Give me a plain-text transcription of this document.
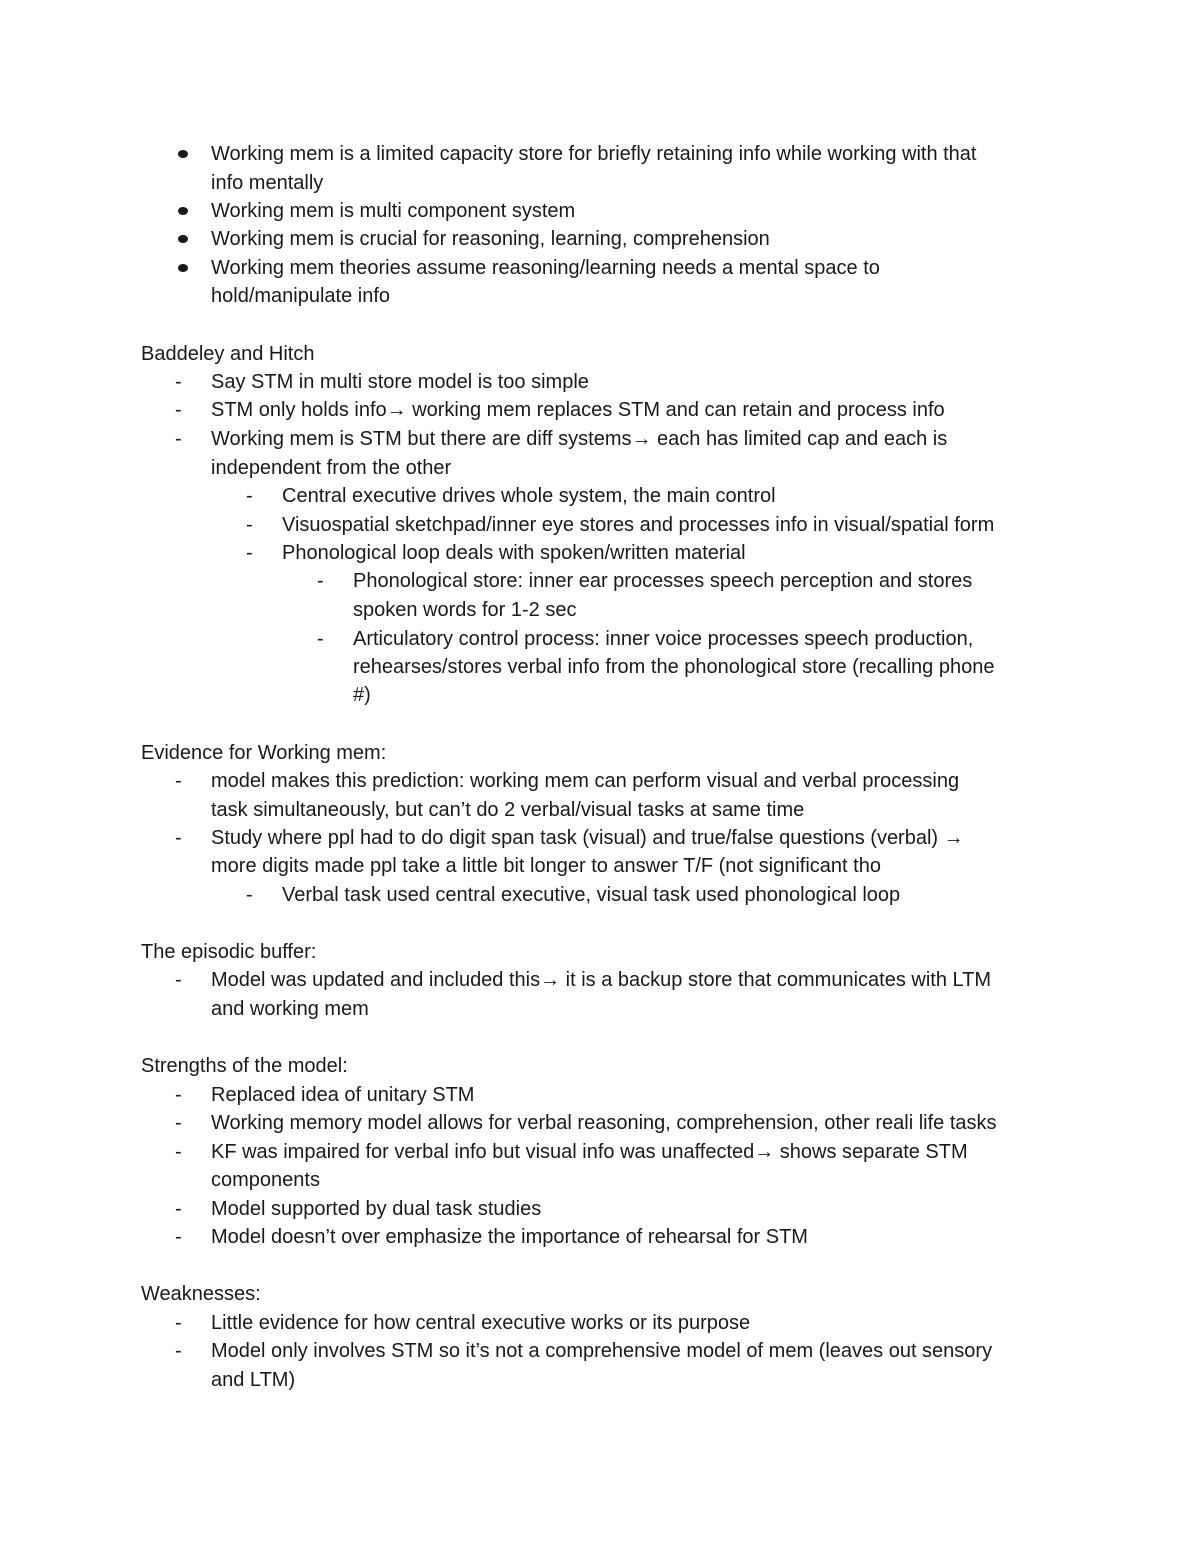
Working mem is a limited capacity store for briefly retaining info while working with that
info mentally
Working mem is multi component system
Working mem is crucial for reasoning, learning, comprehension
Working mem theories assume reasoning/learning needs a mental space to
hold/manipulate info
Baddeley and Hitch
- Say STM in multi store model is too simple
- STM only holds info→ working mem replaces STM and can retain and process info
- Working mem is STM but there are diff systems→ each has limited cap and each is
independent from the other
- Central executive drives whole system, the main control
- Visuospatial sketchpad/inner eye stores and processes info in visual/spatial form
- Phonological loop deals with spoken/written material
- Phonological store: inner ear processes speech perception and stores
spoken words for 1-2 sec
- Articulatory control process: inner voice processes speech production,
rehearses/stores verbal info from the phonological store (recalling phone
#)
Evidence for Working mem:
- model makes this prediction: working mem can perform visual and verbal processing
task simultaneously, but can’t do 2 verbal/visual tasks at same time
- Study where ppl had to do digit span task (visual) and true/false questions (verbal) →
more digits made ppl take a little bit longer to answer T/F (not significant tho
- Verbal task used central executive, visual task used phonological loop
The episodic buffer:
- Model was updated and included this→ it is a backup store that communicates with LTM
and working mem
Strengths of the model:
- Replaced idea of unitary STM
- Working memory model allows for verbal reasoning, comprehension, other reali life tasks
- KF was impaired for verbal info but visual info was unaffected→ shows separate STM
components
- Model supported by dual task studies
- Model doesn’t over emphasize the importance of rehearsal for STM
Weaknesses:
- Little evidence for how central executive works or its purpose
- Model only involves STM so it’s not a comprehensive model of mem (leaves out sensory
and LTM)
